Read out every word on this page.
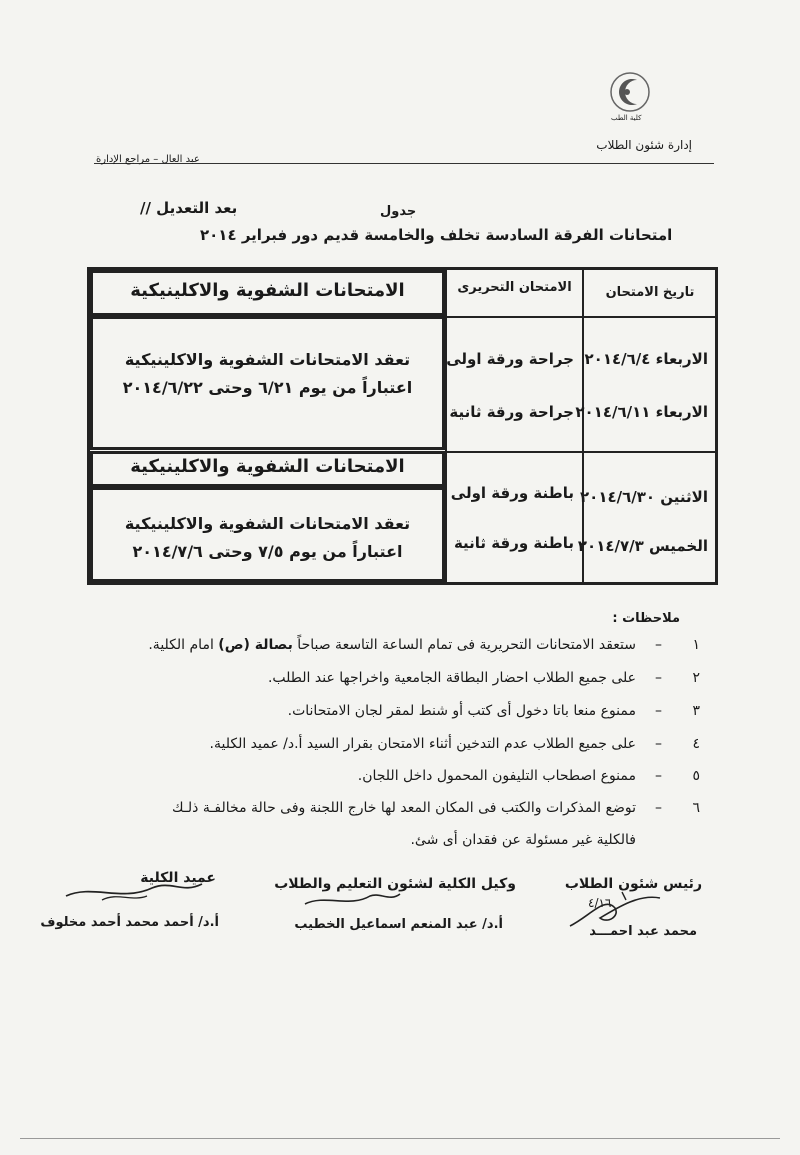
كلية الطب
إدارة شئون الطلاب
عبد العال – مراجع الإدارة
جدول
بعد التعديل //
امتحانات الفرقة السادسة تخلف والخامسة قديم دور فبراير ٢٠١٤
تاريخ الامتحان
الامتحان التحريرى
الامتحانات الشفوية والاكلينيكية
الاربعاء ٢٠١٤/٦/٤
الاربعاء ٢٠١٤/٦/١١
جراحة ورقة اولى
جراحة ورقة ثانية
تعقد الامتحانات الشفوية والاكلينيكية
اعتباراً من يوم ٦/٢١ وحتى ٢٠١٤/٦/٢٢
الامتحانات الشفوية والاكلينيكية
الاثنين ٢٠١٤/٦/٣٠
الخميس ٢٠١٤/٧/٣
باطنة ورقة اولى
باطنة ورقة ثانية
تعقد الامتحانات الشفوية والاكلينيكية
اعتباراً من يوم ٧/٥ وحتى ٢٠١٤/٧/٦
ملاحظات :
١–ستعقد الامتحانات التحريرية فى تمام الساعة التاسعة صباحاً بصالة (ص) امام الكلية.
٢–على جميع الطلاب احضار البطاقة الجامعية واخراجها عند الطلب.
٣–ممنوع منعا باتا دخول أى كتب أو شنط لمقر لجان الامتحانات.
٤–على جميع الطلاب عدم التدخين أثناء الامتحان بقرار السيد أ.د/ عميد الكلية.
٥–ممنوع اصطحاب التليفون المحمول داخل اللجان.
٦–توضع المذكرات والكتب فى المكان المعد لها خارج اللجنة وفى حالة مخالفـة ذلـك
فالكلية غير مسئولة عن فقدان أى شئ.
رئيس شئون الطلاب
محمد عبد احمـــد
٤/١٦
وكيل الكلية لشئون التعليم والطلاب
أ.د/ عبد المنعم اسماعيل الخطيب
عميد الكلية
أ.د/ أحمد محمد أحمد مخلوف
